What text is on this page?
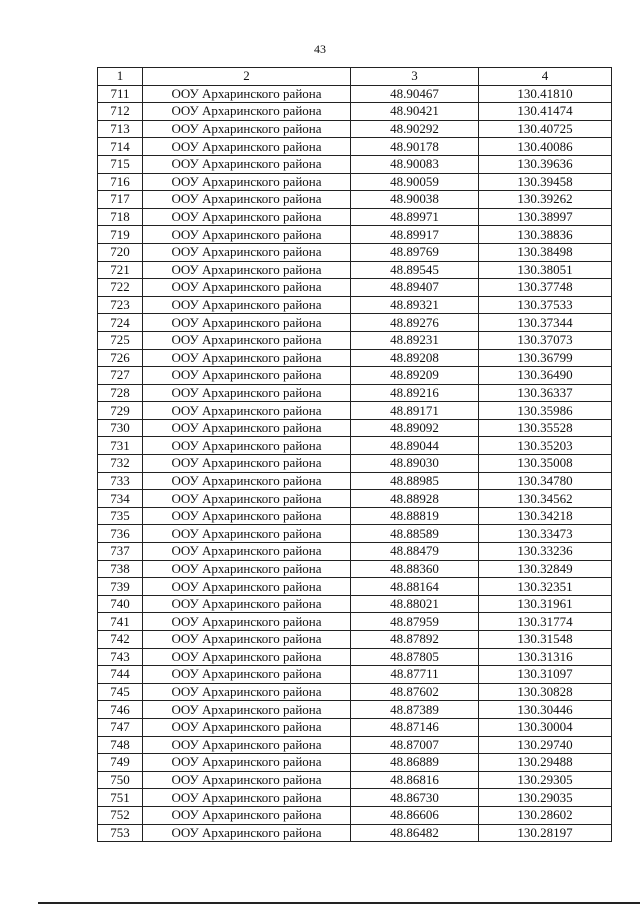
43
1	2	3	4
711	ООУ Архаринского района	48.90467	130.41810
712	ООУ Архаринского района	48.90421	130.41474
713	ООУ Архаринского района	48.90292	130.40725
714	ООУ Архаринского района	48.90178	130.40086
715	ООУ Архаринского района	48.90083	130.39636
716	ООУ Архаринского района	48.90059	130.39458
717	ООУ Архаринского района	48.90038	130.39262
718	ООУ Архаринского района	48.89971	130.38997
719	ООУ Архаринского района	48.89917	130.38836
720	ООУ Архаринского района	48.89769	130.38498
721	ООУ Архаринского района	48.89545	130.38051
722	ООУ Архаринского района	48.89407	130.37748
723	ООУ Архаринского района	48.89321	130.37533
724	ООУ Архаринского района	48.89276	130.37344
725	ООУ Архаринского района	48.89231	130.37073
726	ООУ Архаринского района	48.89208	130.36799
727	ООУ Архаринского района	48.89209	130.36490
728	ООУ Архаринского района	48.89216	130.36337
729	ООУ Архаринского района	48.89171	130.35986
730	ООУ Архаринского района	48.89092	130.35528
731	ООУ Архаринского района	48.89044	130.35203
732	ООУ Архаринского района	48.89030	130.35008
733	ООУ Архаринского района	48.88985	130.34780
734	ООУ Архаринского района	48.88928	130.34562
735	ООУ Архаринского района	48.88819	130.34218
736	ООУ Архаринского района	48.88589	130.33473
737	ООУ Архаринского района	48.88479	130.33236
738	ООУ Архаринского района	48.88360	130.32849
739	ООУ Архаринского района	48.88164	130.32351
740	ООУ Архаринского района	48.88021	130.31961
741	ООУ Архаринского района	48.87959	130.31774
742	ООУ Архаринского района	48.87892	130.31548
743	ООУ Архаринского района	48.87805	130.31316
744	ООУ Архаринского района	48.87711	130.31097
745	ООУ Архаринского района	48.87602	130.30828
746	ООУ Архаринского района	48.87389	130.30446
747	ООУ Архаринского района	48.87146	130.30004
748	ООУ Архаринского района	48.87007	130.29740
749	ООУ Архаринского района	48.86889	130.29488
750	ООУ Архаринского района	48.86816	130.29305
751	ООУ Архаринского района	48.86730	130.29035
752	ООУ Архаринского района	48.86606	130.28602
753	ООУ Архаринского района	48.86482	130.28197
